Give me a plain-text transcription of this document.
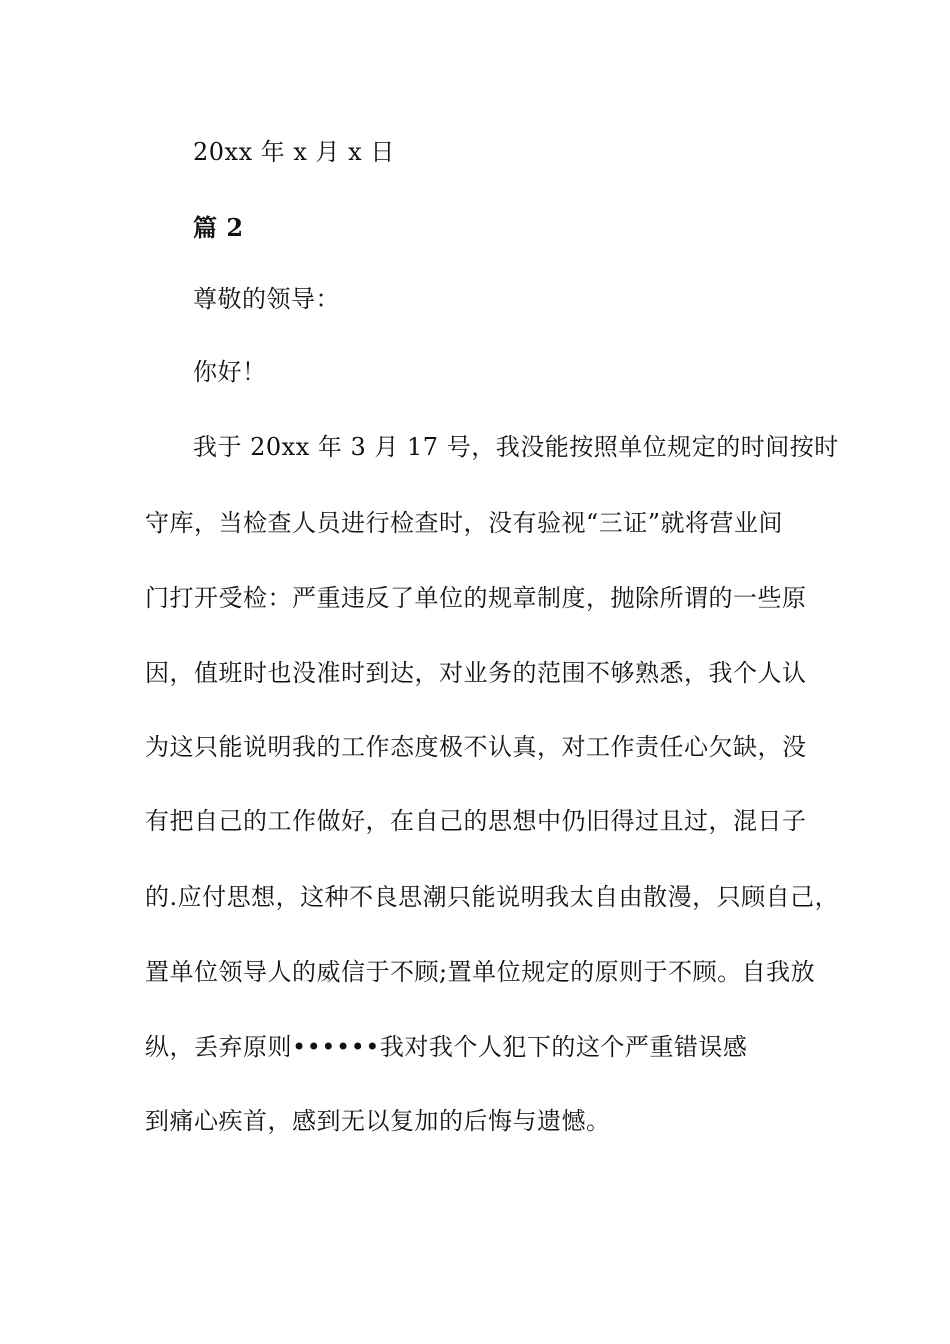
20xx 年 x 月 x 日
篇 2
尊敬的领导：
你好！
我于 20xx 年 3 月 17 号，我没能按照单位规定的时间按时
守库，当检查人员进行检查时，没有验视“三证”就将营业间
门打开受检：严重违反了单位的规章制度，抛除所谓的一些原
因，值班时也没准时到达，对业务的范围不够熟悉，我个人认
为这只能说明我的工作态度极不认真，对工作责任心欠缺，没
有把自己的工作做好，在自己的思想中仍旧得过且过，混日子
的.应付思想，这种不良思潮只能说明我太自由散漫，只顾自己，
置单位领导人的威信于不顾;置单位规定的原则于不顾。自我放
纵，丢弃原则••••••我对我个人犯下的这个严重错误感
到痛心疾首，感到无以复加的后悔与遗憾。
